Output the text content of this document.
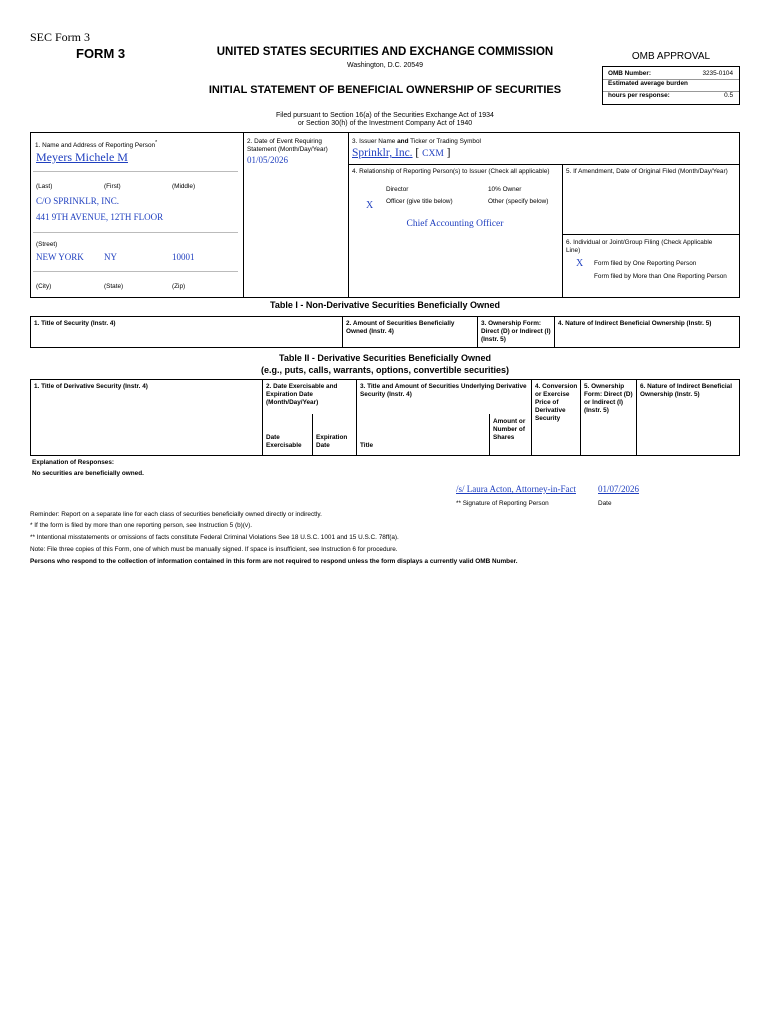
SEC Form 3
FORM 3	UNITED STATES SECURITIES AND EXCHANGE COMMISSION
Washington, D.C. 20549
INITIAL STATEMENT OF BENEFICIAL OWNERSHIP OF SECURITIES
Filed pursuant to Section 16(a) of the Securities Exchange Act of 1934
or Section 30(h) of the Investment Company Act of 1940
OMB APPROVAL
OMB Number:	3235-0104
Estimated average burden
hours per response:	0.5
1. Name and Address of Reporting Person*
Meyers Michele M
(Last)	(First)	(Middle)
C/O SPRINKLR, INC.
441 9TH AVENUE, 12TH FLOOR
(Street)
NEW YORK NY	10001
(City)	(State)	(Zip)
2. Date of Event Requiring Statement (Month/Day/Year)
01/05/2026
3. Issuer Name and Ticker or Trading Symbol
Sprinklr, Inc. [ CXM ]
4. Relationship of Reporting Person(s) to Issuer (Check all applicable)
Director	10% Owner
X Officer (give title below)	Other (specify below)
Chief Accounting Officer
5. If Amendment, Date of Original Filed (Month/Day/Year)
6. Individual or Joint/Group Filing (Check Applicable Line)
X Form filed by One Reporting Person
Form filed by More than One Reporting Person
Table I - Non-Derivative Securities Beneficially Owned
1. Title of Security (Instr. 4)	2. Amount of Securities Beneficially Owned (Instr. 4)
3. Ownership Form: Direct (D) or Indirect (I) (Instr. 5)
4. Nature of Indirect Beneficial Ownership (Instr. 5)
Table II - Derivative Securities Beneficially Owned
(e.g., puts, calls, warrants, options, convertible securities)
1. Title of Derivative Security (Instr. 4)	2. Date Exercisable and Expiration Date (Month/Day/Year)
3. Title and Amount of Securities Underlying Derivative Security (Instr. 4)
4. Conversion or Exercise Price of Derivative Security
5. Ownership Form: Direct (D) or Indirect (I) (Instr. 5)
6. Nature of Indirect Beneficial Ownership (Instr. 5)
Date Exercisable
Expiration Date	Title
Amount or Number of Shares
Explanation of Responses:
No securities are beneficially owned.
/s/ Laura Acton, Attorney-in-Fact 01/07/2026
** Signature of Reporting Person	Date
Reminder: Report on a separate line for each class of securities beneficially owned directly or indirectly.
* If the form is filed by more than one reporting person, see Instruction 5 (b)(v).
** Intentional misstatements or omissions of facts constitute Federal Criminal Violations See 18 U.S.C. 1001 and 15 U.S.C. 78ff(a).
Note: File three copies of this Form, one of which must be manually signed. If space is insufficient, see Instruction 6 for procedure.
Persons who respond to the collection of information contained in this form are not required to respond unless the form displays a currently valid OMB Number.
